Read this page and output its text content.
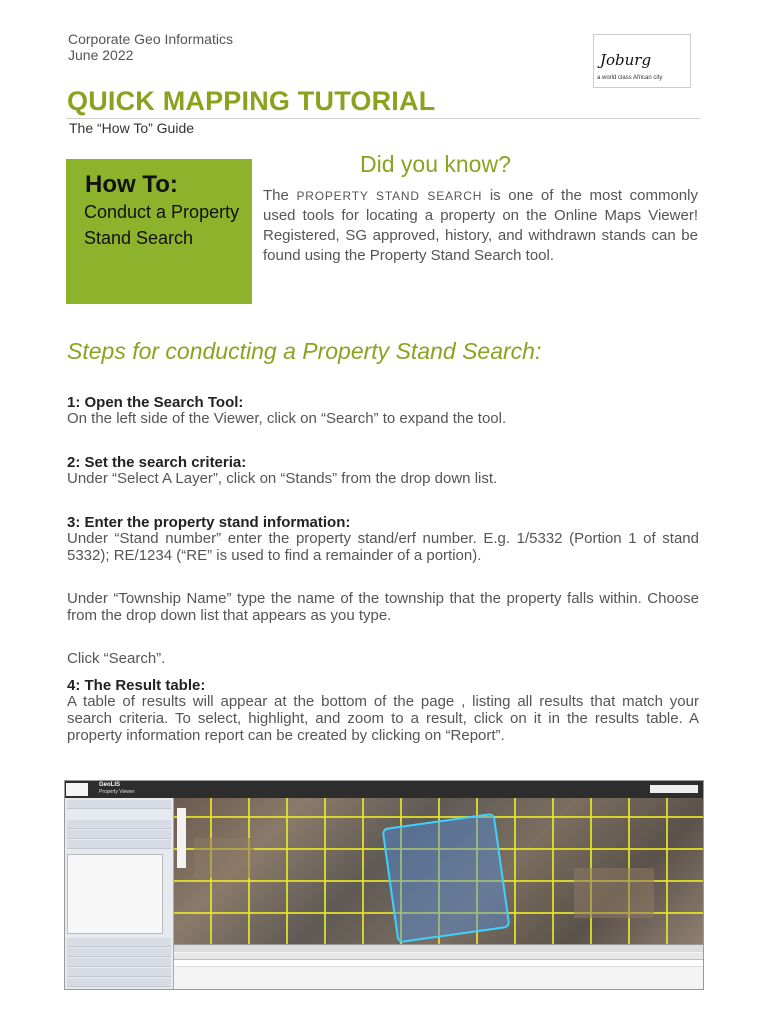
Corporate Geo Informatics
June 2022	Joburg
a world class African city
QUICK MAPPING TUTORIAL
The “How To” Guide
How To:
Conduct a Property Stand Search
Did you know?
The PROPERTY STAND SEARCH is one of the most commonly used tools for locating a property on the Online Maps Viewer! Registered, SG approved, history, and withdrawn stands can be found using the Property Stand Search tool.
Steps for conducting a Property Stand Search:
1: Open the Search Tool:
On the left side of the Viewer, click on “Search” to expand the tool.
2: Set the search criteria:
Under “Select A Layer”, click on “Stands” from the drop down list.
3: Enter the property stand information:
Under “Stand number” enter the property stand/erf number. E.g. 1/5332 (Portion 1 of stand 5332); RE/1234 (“RE” is used to find a remainder of a portion).
Under “Township Name” type the name of the township that the property falls within. Choose from the drop down list that appears as you type.
Click “Search”.
4: The Result table:
A table of results will appear at the bottom of the page , listing all results that match your search criteria. To select, highlight, and zoom to a result, click on it in the results table. A property information report can be created by clicking on “Report”.
GeoLIS
Property Viewer
